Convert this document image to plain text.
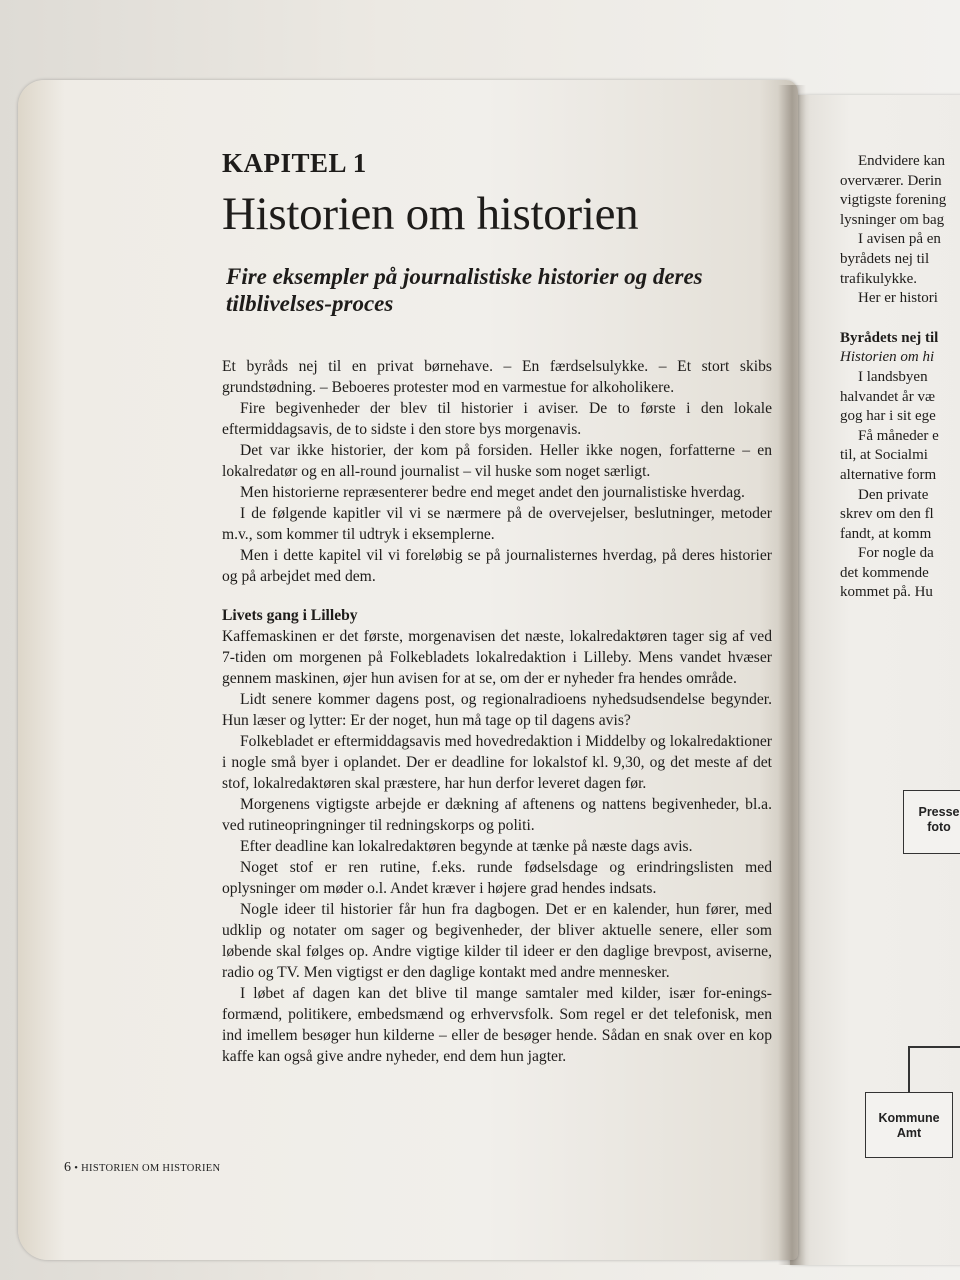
KAPITEL 1
Historien om historien
Fire eksempler på journalistiske historier og deres tilblivelses-proces

Et byråds nej til en privat børnehave. – En færdselsulykke. – Et stort skibs grundstødning. – Beboeres protester mod en varmestue for alkoholikere.

Fire begivenheder der blev til historier i aviser. De to første i den lokale eftermiddagsavis, de to sidste i den store bys morgenavis.

Det var ikke historier, der kom på forsiden. Heller ikke nogen, forfatterne – en lokalredatør og en all-round journalist – vil huske som noget særligt.

Men historierne repræsenterer bedre end meget andet den journalistiske hverdag.

I de følgende kapitler vil vi se nærmere på de overvejelser, beslutninger, metoder m.v., som kommer til udtryk i eksemplerne.

Men i dette kapitel vil vi foreløbig se på journalisternes hverdag, på deres historier og på arbejdet med dem.

Livets gang i Lilleby

Kaffemaskinen er det første, morgenavisen det næste, lokalredaktøren tager sig af ved 7-tiden om morgenen på Folkebladets lokalredaktion i Lilleby. Mens vandet hvæser gennem maskinen, øjer hun avisen for at se, om der er nyheder fra hendes område.

Lidt senere kommer dagens post, og regionalradioens nyhedsudsendelse begynder. Hun læser og lytter: Er der noget, hun må tage op til dagens avis?

Folkebladet er eftermiddagsavis med hovedredaktion i Middelby og lokalredaktioner i nogle små byer i oplandet. Der er deadline for lokalstof kl. 9,30, og det meste af det stof, lokalredaktøren skal præstere, har hun derfor leveret dagen før.

Morgenens vigtigste arbejde er dækning af aftenens og nattens begivenheder, bl.a. ved rutineopringninger til redningskorps og politi.

Efter deadline kan lokalredaktøren begynde at tænke på næste dags avis.

Noget stof er ren rutine, f.eks. runde fødselsdage og erindringslisten med oplysninger om møder o.l. Andet kræver i højere grad hendes indsats.

Nogle ideer til historier får hun fra dagbogen. Det er en kalender, hun fører, med udklip og notater om sager og begivenheder, der bliver aktuelle senere, eller som løbende skal følges op. Andre vigtige kilder til ideer er den daglige brevpost, aviserne, radio og TV. Men vigtigst er den daglige kontakt med andre mennesker.

I løbet af dagen kan det blive til mange samtaler med kilder, især for-enings-formænd, politikere, embedsmænd og erhvervsfolk. Som regel er det telefonisk, men ind imellem besøger hun kilderne – eller de besøger hende. Sådan en snak over en kop kaffe kan også give andre nyheder, end dem hun jagter.

6 • HISTORIEN OM HISTORIEN

Endvidere kan

overværer. Derin

vigtigste forening

lysninger om bag

I avisen på en

byrådets nej til

trafikulykke.

Her er histori

Byrådets nej til

Historien om hi

I landsbyen

halvandet år væ

gog har i sit ege

Få måneder e

til, at Socialmi

alternative form

Den private

skrev om den fl

fandt, at komm

For nogle da

det kommende

kommet på. Hu

Presse
foto
Kommune
Amt
